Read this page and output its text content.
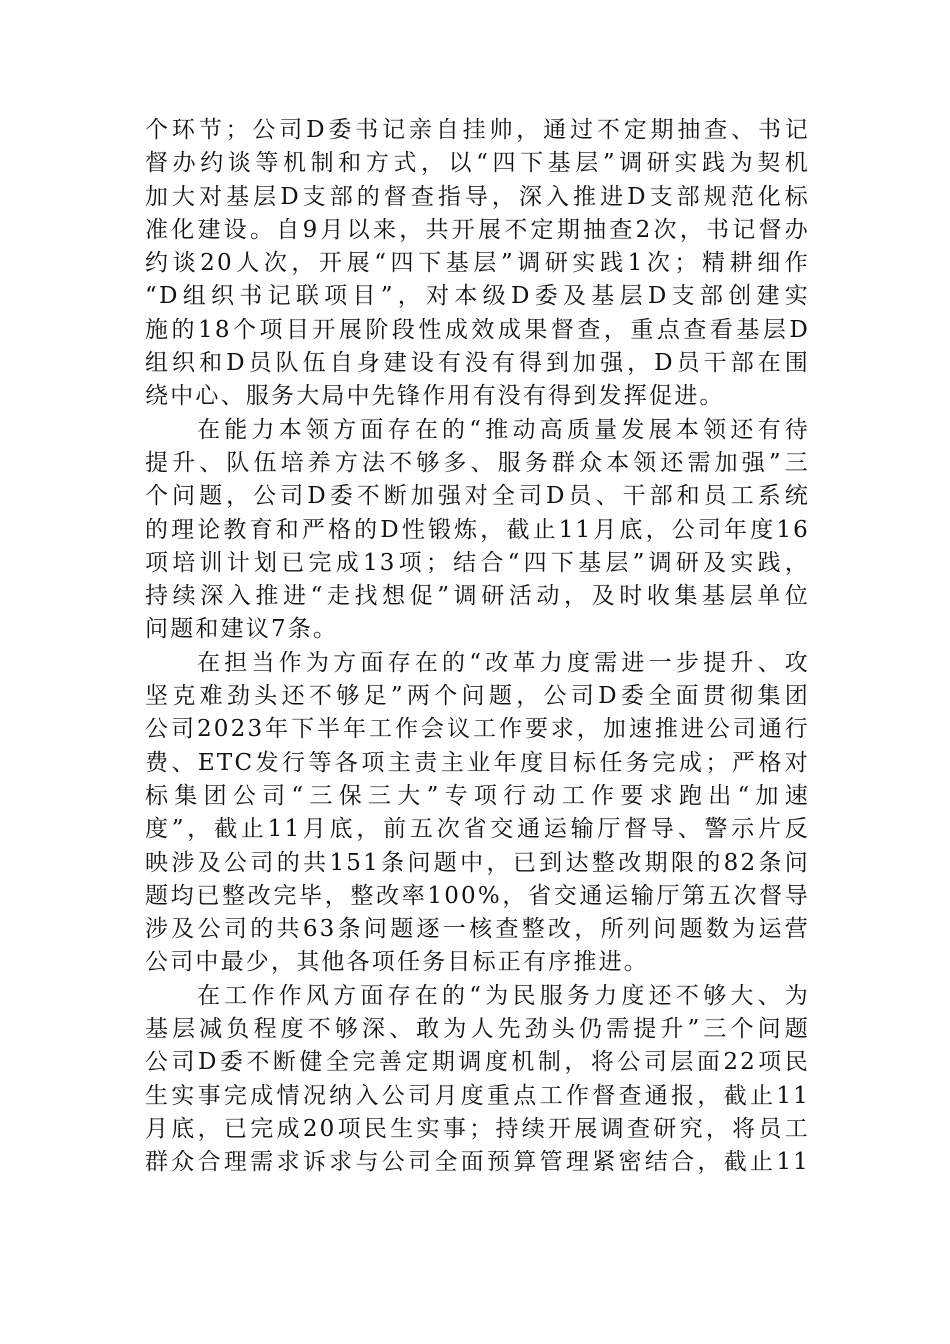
个环节；公司D委书记亲自挂帅，通过不定期抽查、书记
督办约谈等机制和方式，以“四下基层”调研实践为契机
加大对基层D支部的督查指导，深入推进D支部规范化标
准化建设。自9月以来，共开展不定期抽查2次，书记督办
约谈20人次，开展“四下基层”调研实践1次；精耕细作
“D组织书记联项目”，对本级D委及基层D支部创建实
施的18个项目开展阶段性成效成果督查，重点查看基层D
组织和D员队伍自身建设有没有得到加强，D员干部在围
绕中心、服务大局中先锋作用有没有得到发挥促进。

在能力本领方面存在的“推动高质量发展本领还有待
提升、队伍培养方法不够多、服务群众本领还需加强”三
个问题，公司D委不断加强对全司D员、干部和员工系统
的理论教育和严格的D性锻炼，截止11月底，公司年度16
项培训计划已完成13项；结合“四下基层”调研及实践，
持续深入推进“走找想促”调研活动，及时收集基层单位
问题和建议7条。

在担当作为方面存在的“改革力度需进一步提升、攻
坚克难劲头还不够足”两个问题，公司D委全面贯彻集团
公司2023年下半年工作会议工作要求，加速推进公司通行
费、ETC发行等各项主责主业年度目标任务完成；严格对
标集团公司“三保三大”专项行动工作要求跑出“加速
度”，截止11月底，前五次省交通运输厅督导、警示片反
映涉及公司的共151条问题中，已到达整改期限的82条问
题均已整改完毕，整改率100%，省交通运输厅第五次督导
涉及公司的共63条问题逐一核查整改，所列问题数为运营
公司中最少，其他各项任务目标正有序推进。

在工作作风方面存在的“为民服务力度还不够大、为
基层减负程度不够深、敢为人先劲头仍需提升”三个问题
公司D委不断健全完善定期调度机制，将公司层面22项民
生实事完成情况纳入公司月度重点工作督查通报，截止11
月底，已完成20项民生实事；持续开展调查研究，将员工
群众合理需求诉求与公司全面预算管理紧密结合，截止11
